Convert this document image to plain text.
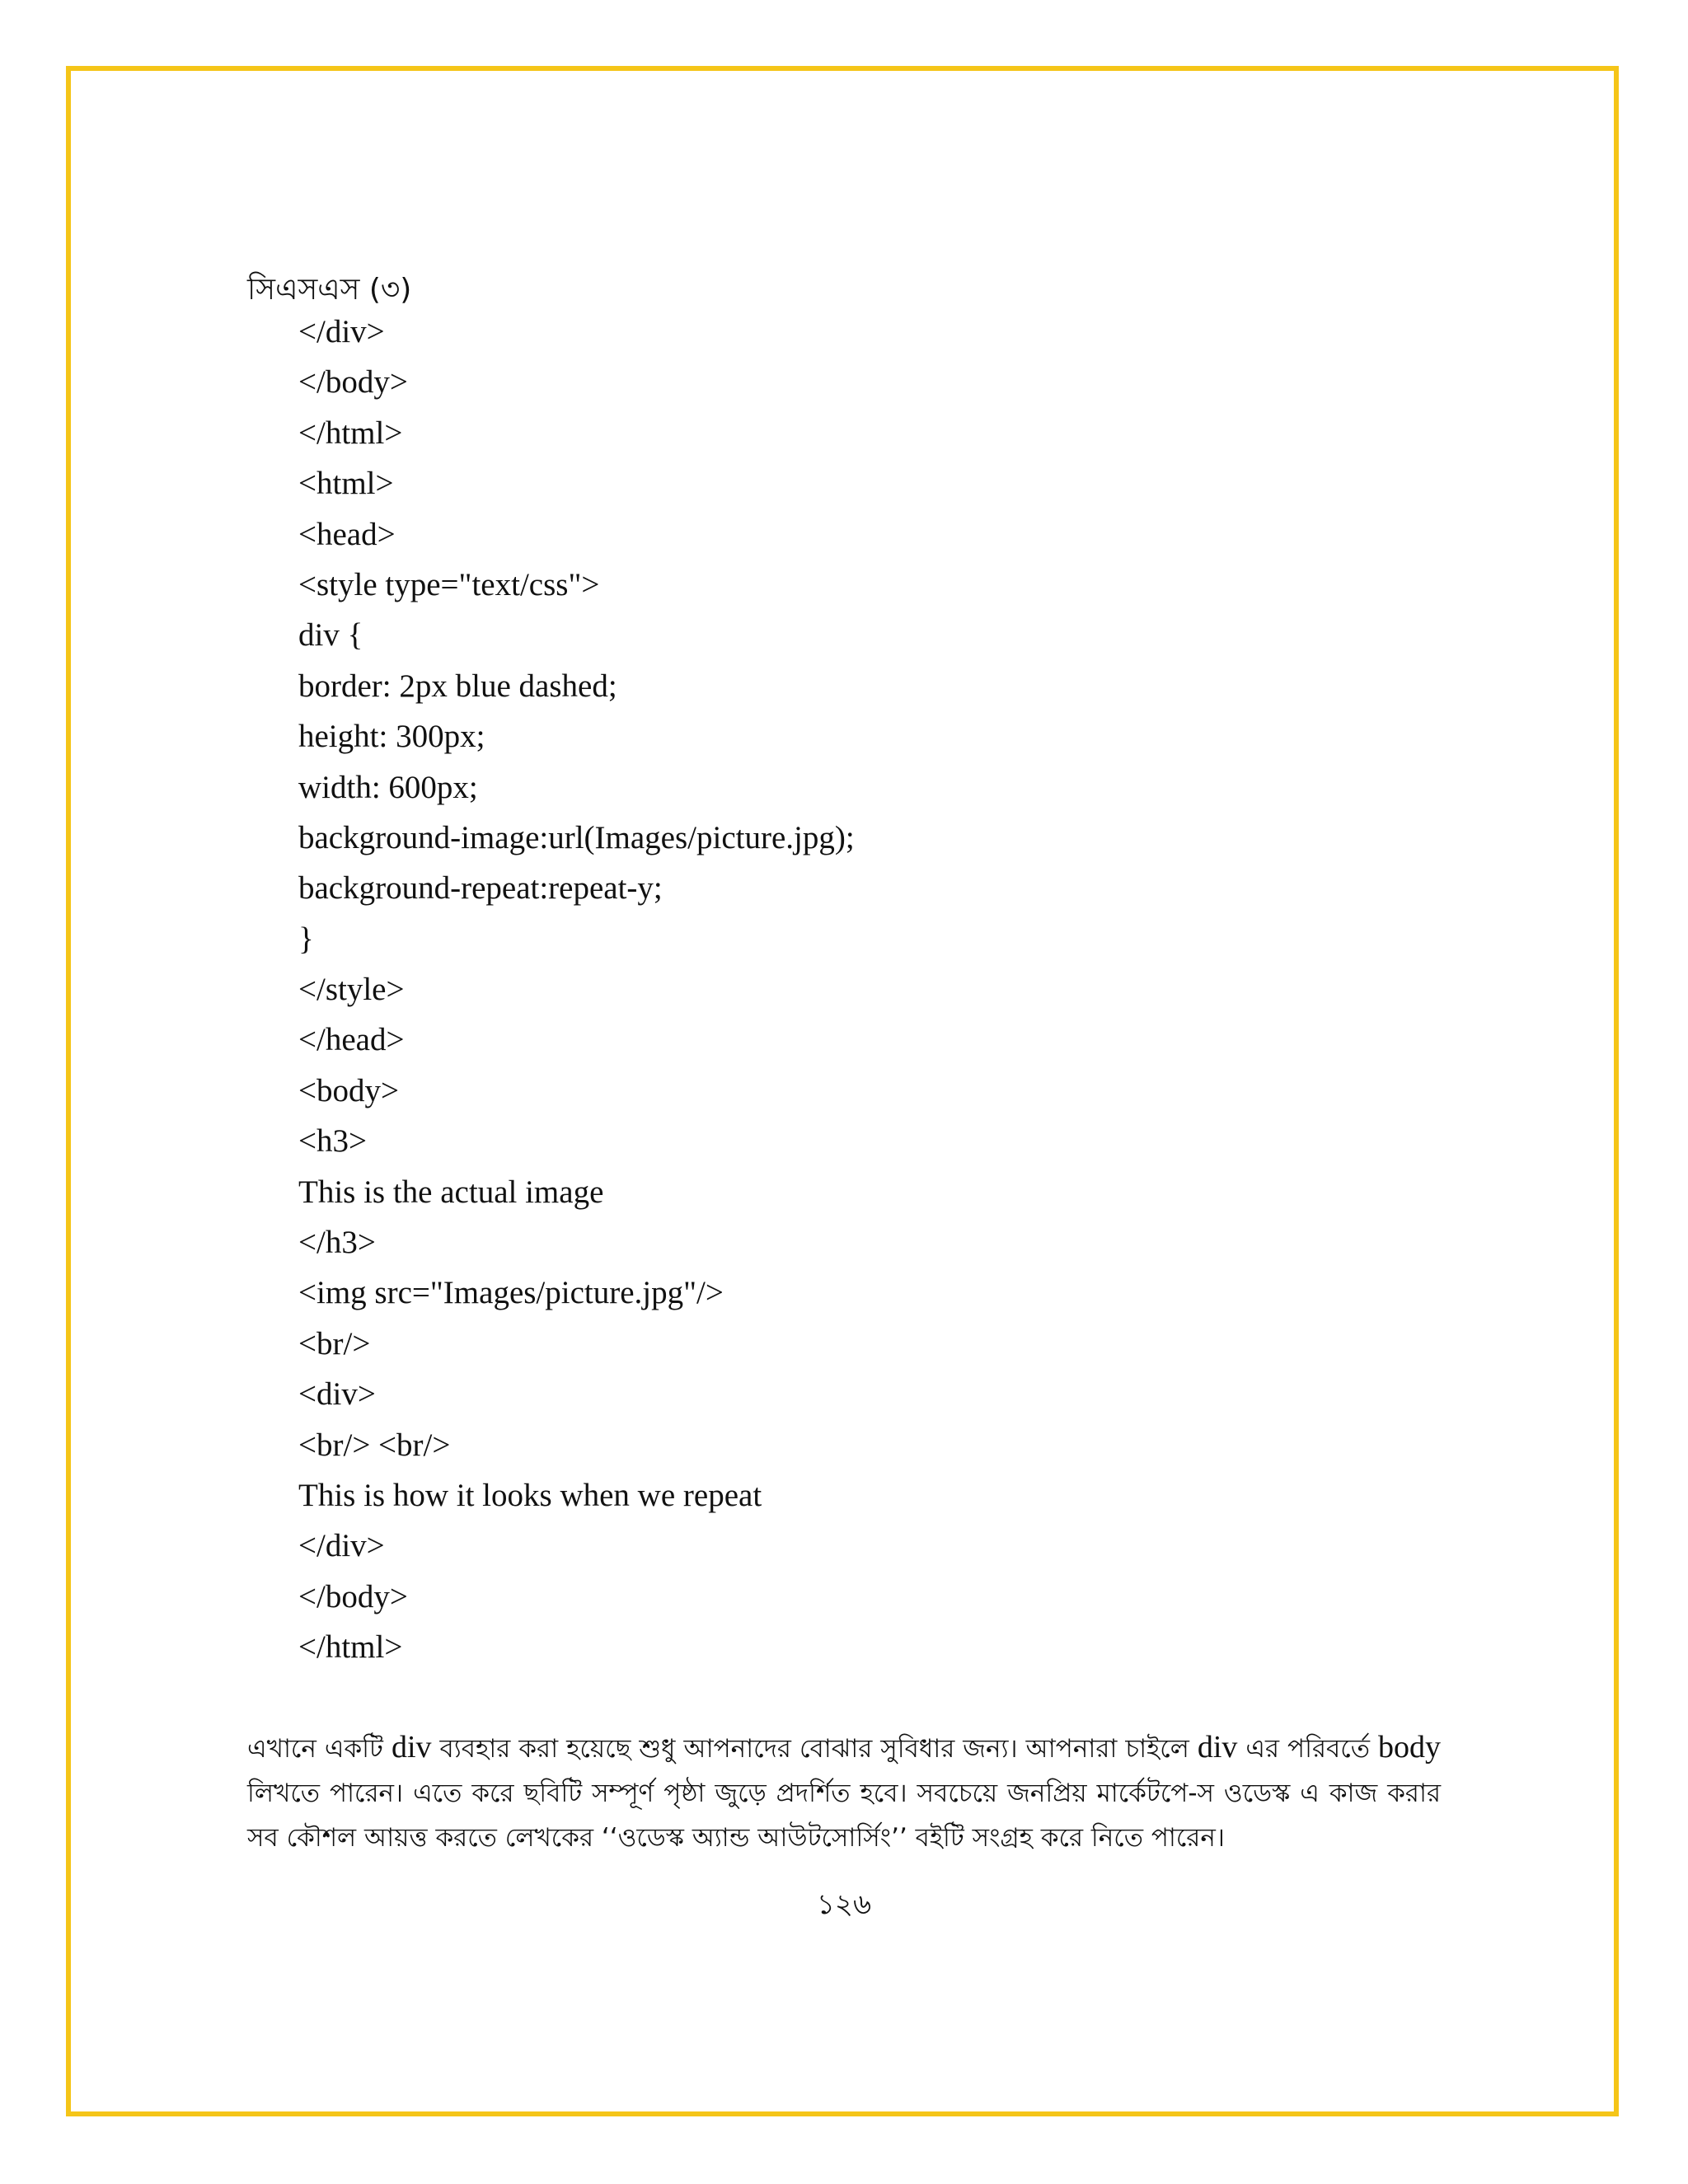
সিএসএস (৩)
</div>
</body>
</html>
<html>
<head>
<style type="text/css">
div {
border: 2px blue dashed;
height: 300px;
width: 600px;
background-image:url(Images/picture.jpg);
background-repeat:repeat-y;
}
</style>
</head>
<body>
<h3>
This is the actual image
</h3>
<img src="Images/picture.jpg"/>
<br/>
<div>
<br/> <br/>
This is how it looks when we repeat
</div>
</body>
</html>
এখানে একটি div ব্যবহার করা হয়েছে শুধু আপনাদের বোঝার সুবিধার জন্য। আপনারা চাইলে div এর পরিবর্তে body লিখতে পারেন। এতে করে ছবিটি সম্পূর্ণ পৃষ্ঠা জুড়ে প্রদর্শিত হবে। সবচেয়ে জনপ্রিয় মার্কেটপে-স ওডেস্ক এ কাজ করার সব কৌশল আয়ত্ত করতে লেখকের ‘‘ওডেস্ক অ্যান্ড আউটসোর্সিং’’ বইটি সংগ্রহ করে নিতে পারেন।
১২৬
